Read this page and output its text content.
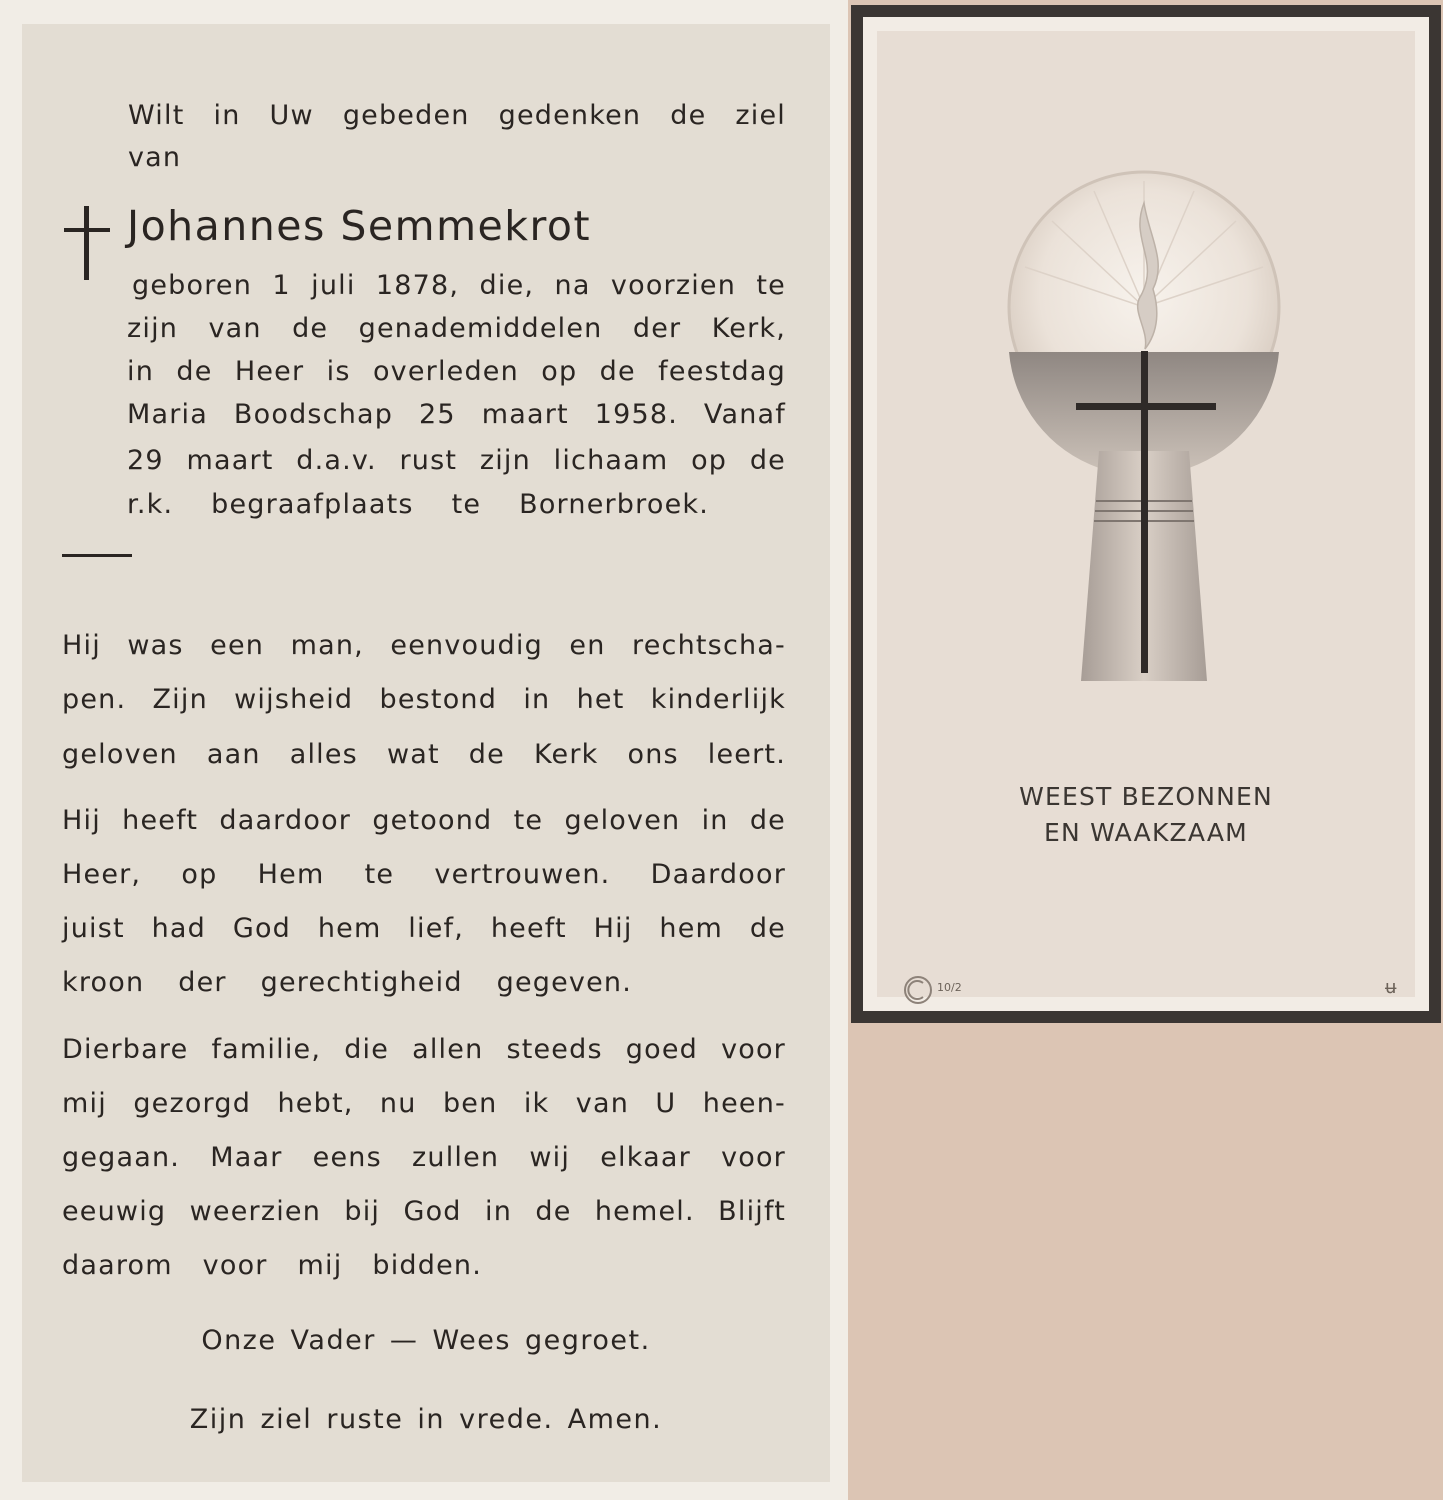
Wilt in Uw gebeden gedenken de ziel

van

Johannes Semmekrot

geboren 1 juli 1878, die, na voorzien te

zijn van de genademiddelen der Kerk,

in de Heer is overleden op de feestdag

Maria Boodschap 25 maart 1958. Vanaf

29 maart d.a.v. rust zijn lichaam op de

r.k. begraafplaats te Bornerbroek.

Hij was een man, eenvoudig en rechtscha-

pen. Zijn wijsheid bestond in het kinderlijk

geloven aan alles wat de Kerk ons leert.

Hij heeft daardoor getoond te geloven in de

Heer, op Hem te vertrouwen. Daardoor

juist had God hem lief, heeft Hij hem de

kroon der gerechtigheid gegeven.

Dierbare familie, die allen steeds goed voor

mij gezorgd hebt, nu ben ik van U heen-

gegaan. Maar eens zullen wij elkaar voor

eeuwig weerzien bij God in de hemel. Blijft

daarom voor mij bidden.

Onze Vader — Wees gegroet.

Zijn ziel ruste in vrede. Amen.

WEEST BEZONNEN

EN WAAKZAAM

10/2	ʉ
